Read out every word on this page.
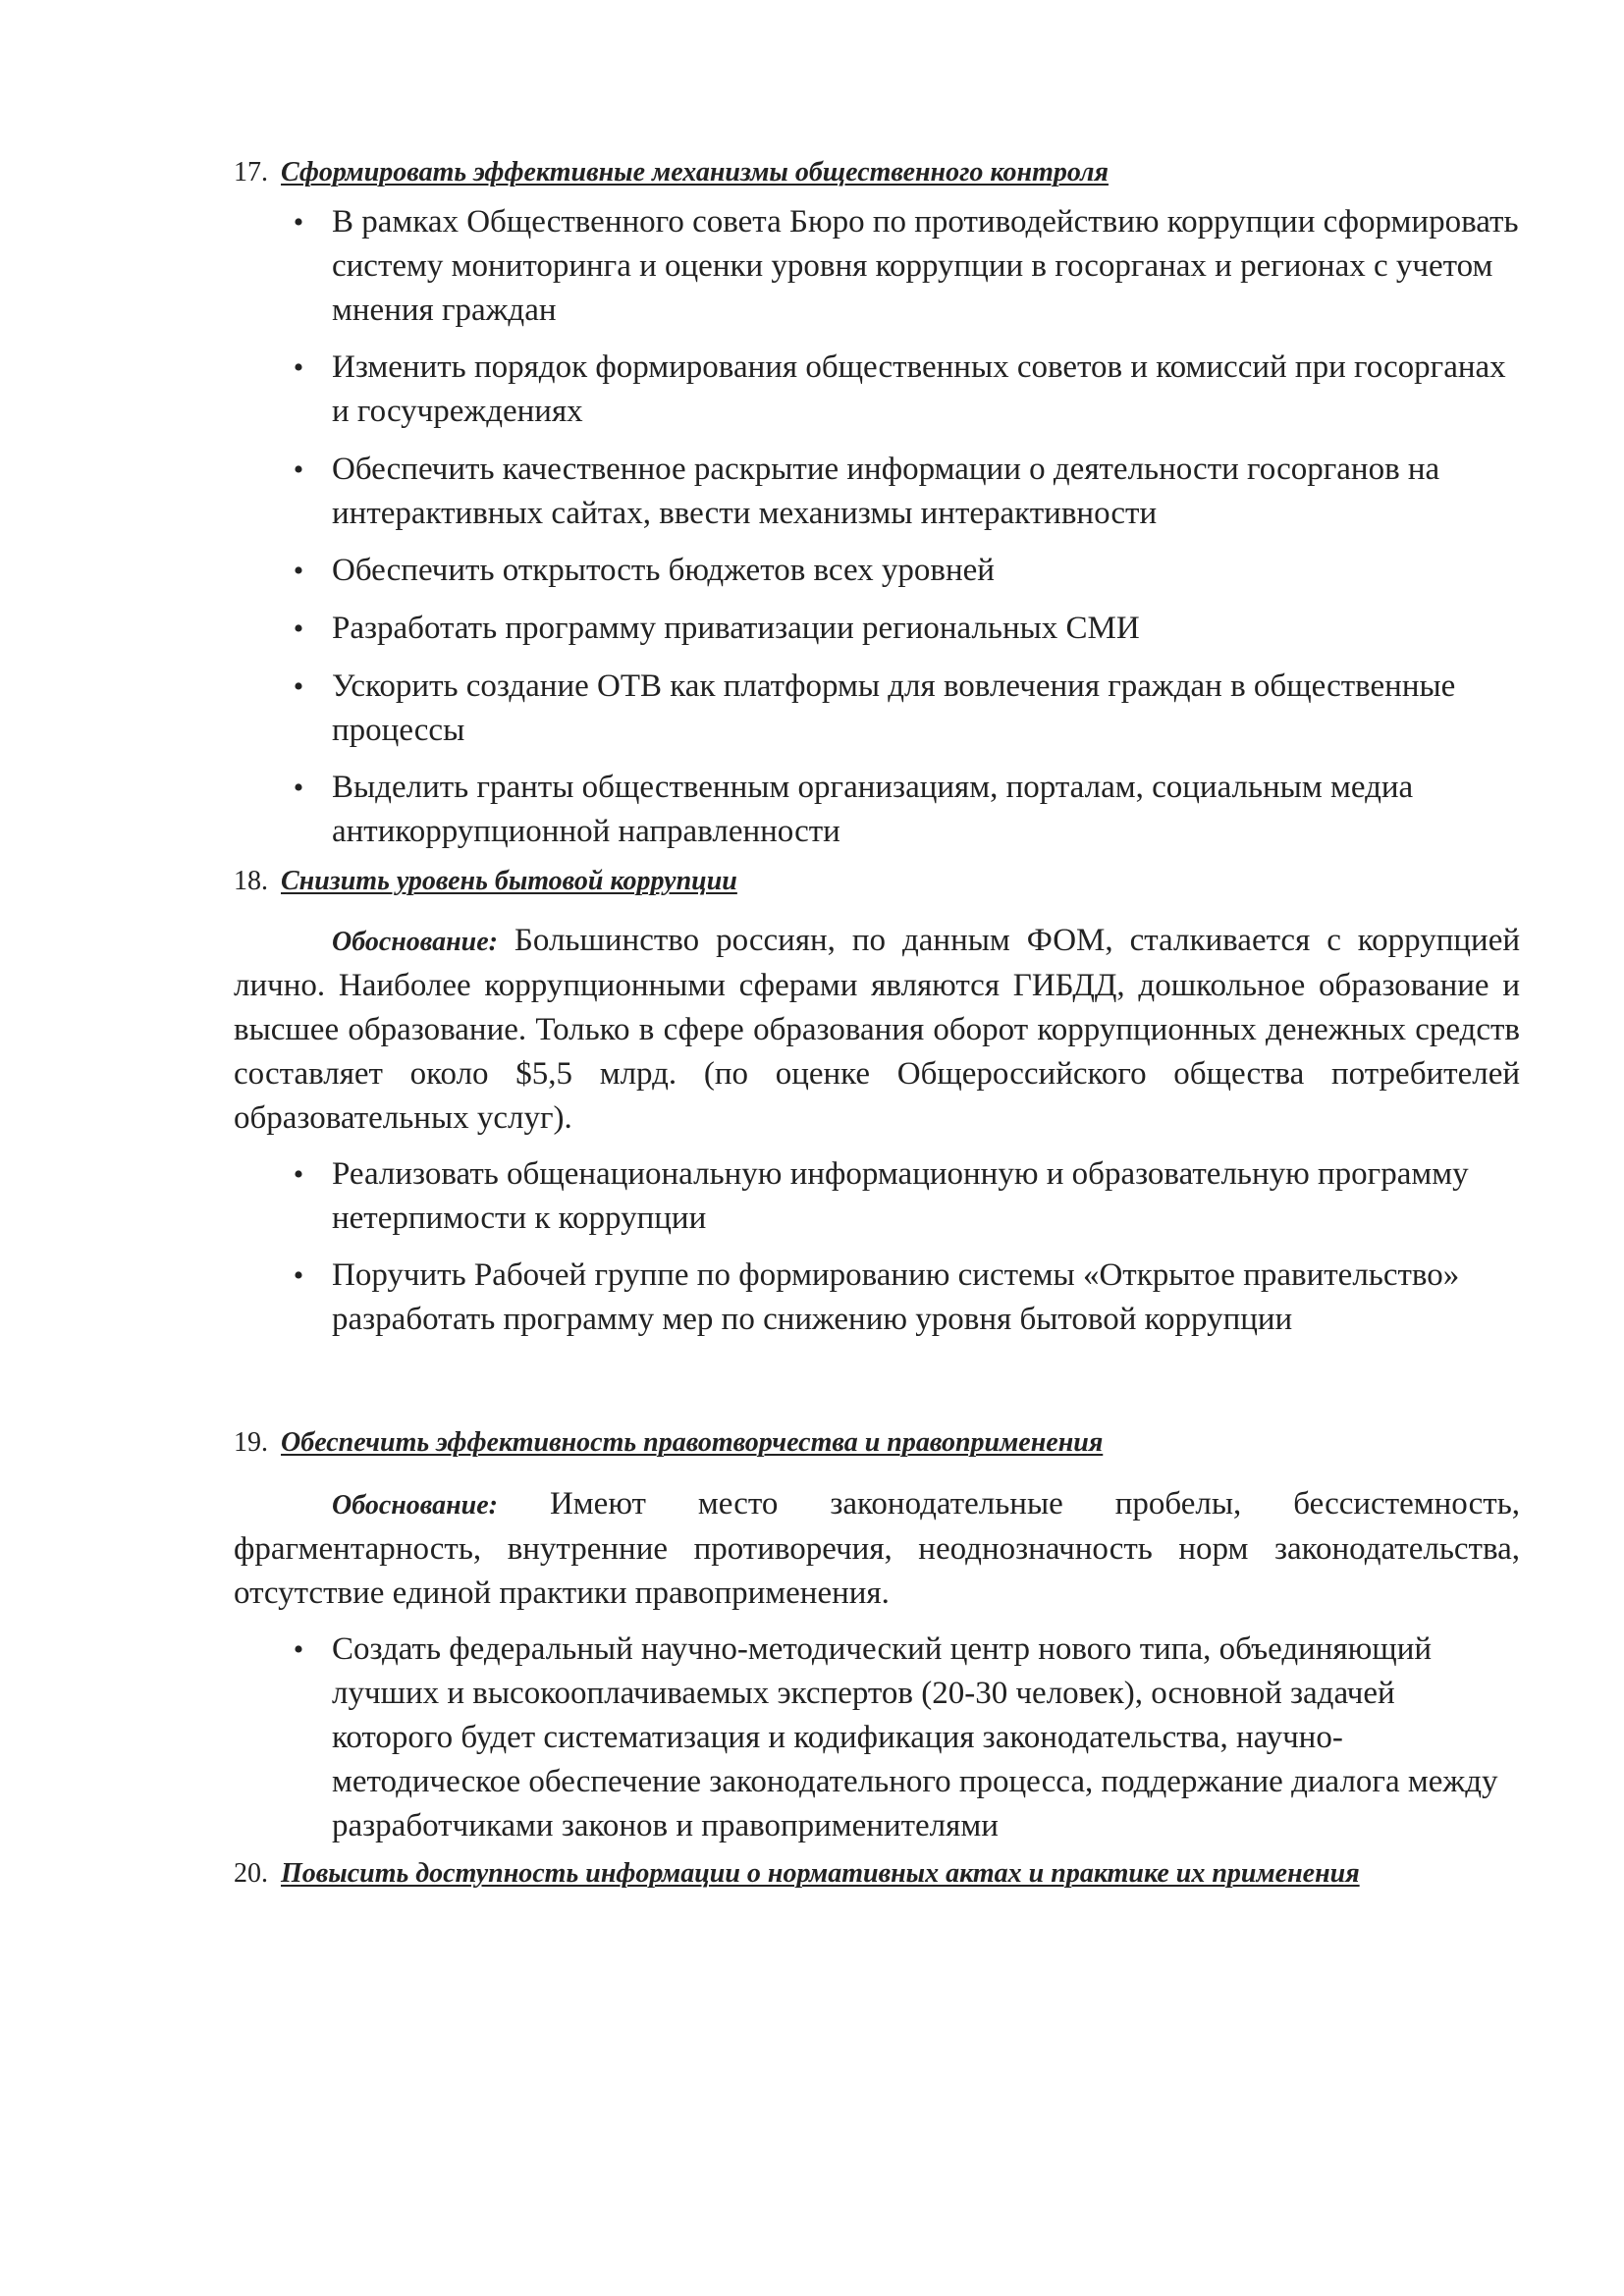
17. Сформировать эффективные механизмы общественного контроля
• В рамках Общественного совета Бюро по противодействию коррупции сформировать систему мониторинга и оценки уровня коррупции в госорганах и регионах с учетом мнения граждан
• Изменить порядок формирования общественных советов и комиссий при госорганах и госучреждениях
• Обеспечить качественное раскрытие информации о деятельности госорганов на интерактивных сайтах, ввести механизмы интерактивности
• Обеспечить открытость бюджетов всех уровней
• Разработать программу приватизации региональных СМИ
• Ускорить создание ОТВ как платформы для вовлечения граждан в общественные процессы
• Выделить гранты общественным организациям, порталам, социальным медиа антикоррупционной направленности
18. Снизить уровень бытовой коррупции

Обоснование: Большинство россиян, по данным ФОМ, сталкивается с коррупцией лично. Наиболее коррупционными сферами являются ГИБДД, дошкольное образование и высшее образование. Только в сфере образования оборот коррупционных денежных средств составляет около $5,5 млрд. (по оценке Общероссийского общества потребителей образовательных услуг).

• Реализовать общенациональную информационную и образовательную программу нетерпимости к коррупции
• Поручить Рабочей группе по формированию системы «Открытое правительство» разработать программу мер по снижению уровня бытовой коррупции
19. Обеспечить эффективность правотворчества и правоприменения

Обоснование: Имеют место законодательные пробелы, бессистемность, фрагментарность, внутренние противоречия, неоднозначность норм законодательства, отсутствие единой практики правоприменения.

• Создать федеральный научно-методический центр нового типа, объединяющий лучших и высокооплачиваемых экспертов (20-30 человек), основной задачей которого будет систематизация и кодификация законодательства, научно-методическое обеспечение законодательного процесса, поддержание диалога между разработчиками законов и правоприменителями
20. Повысить доступность информации о нормативных актах и практике их применения
